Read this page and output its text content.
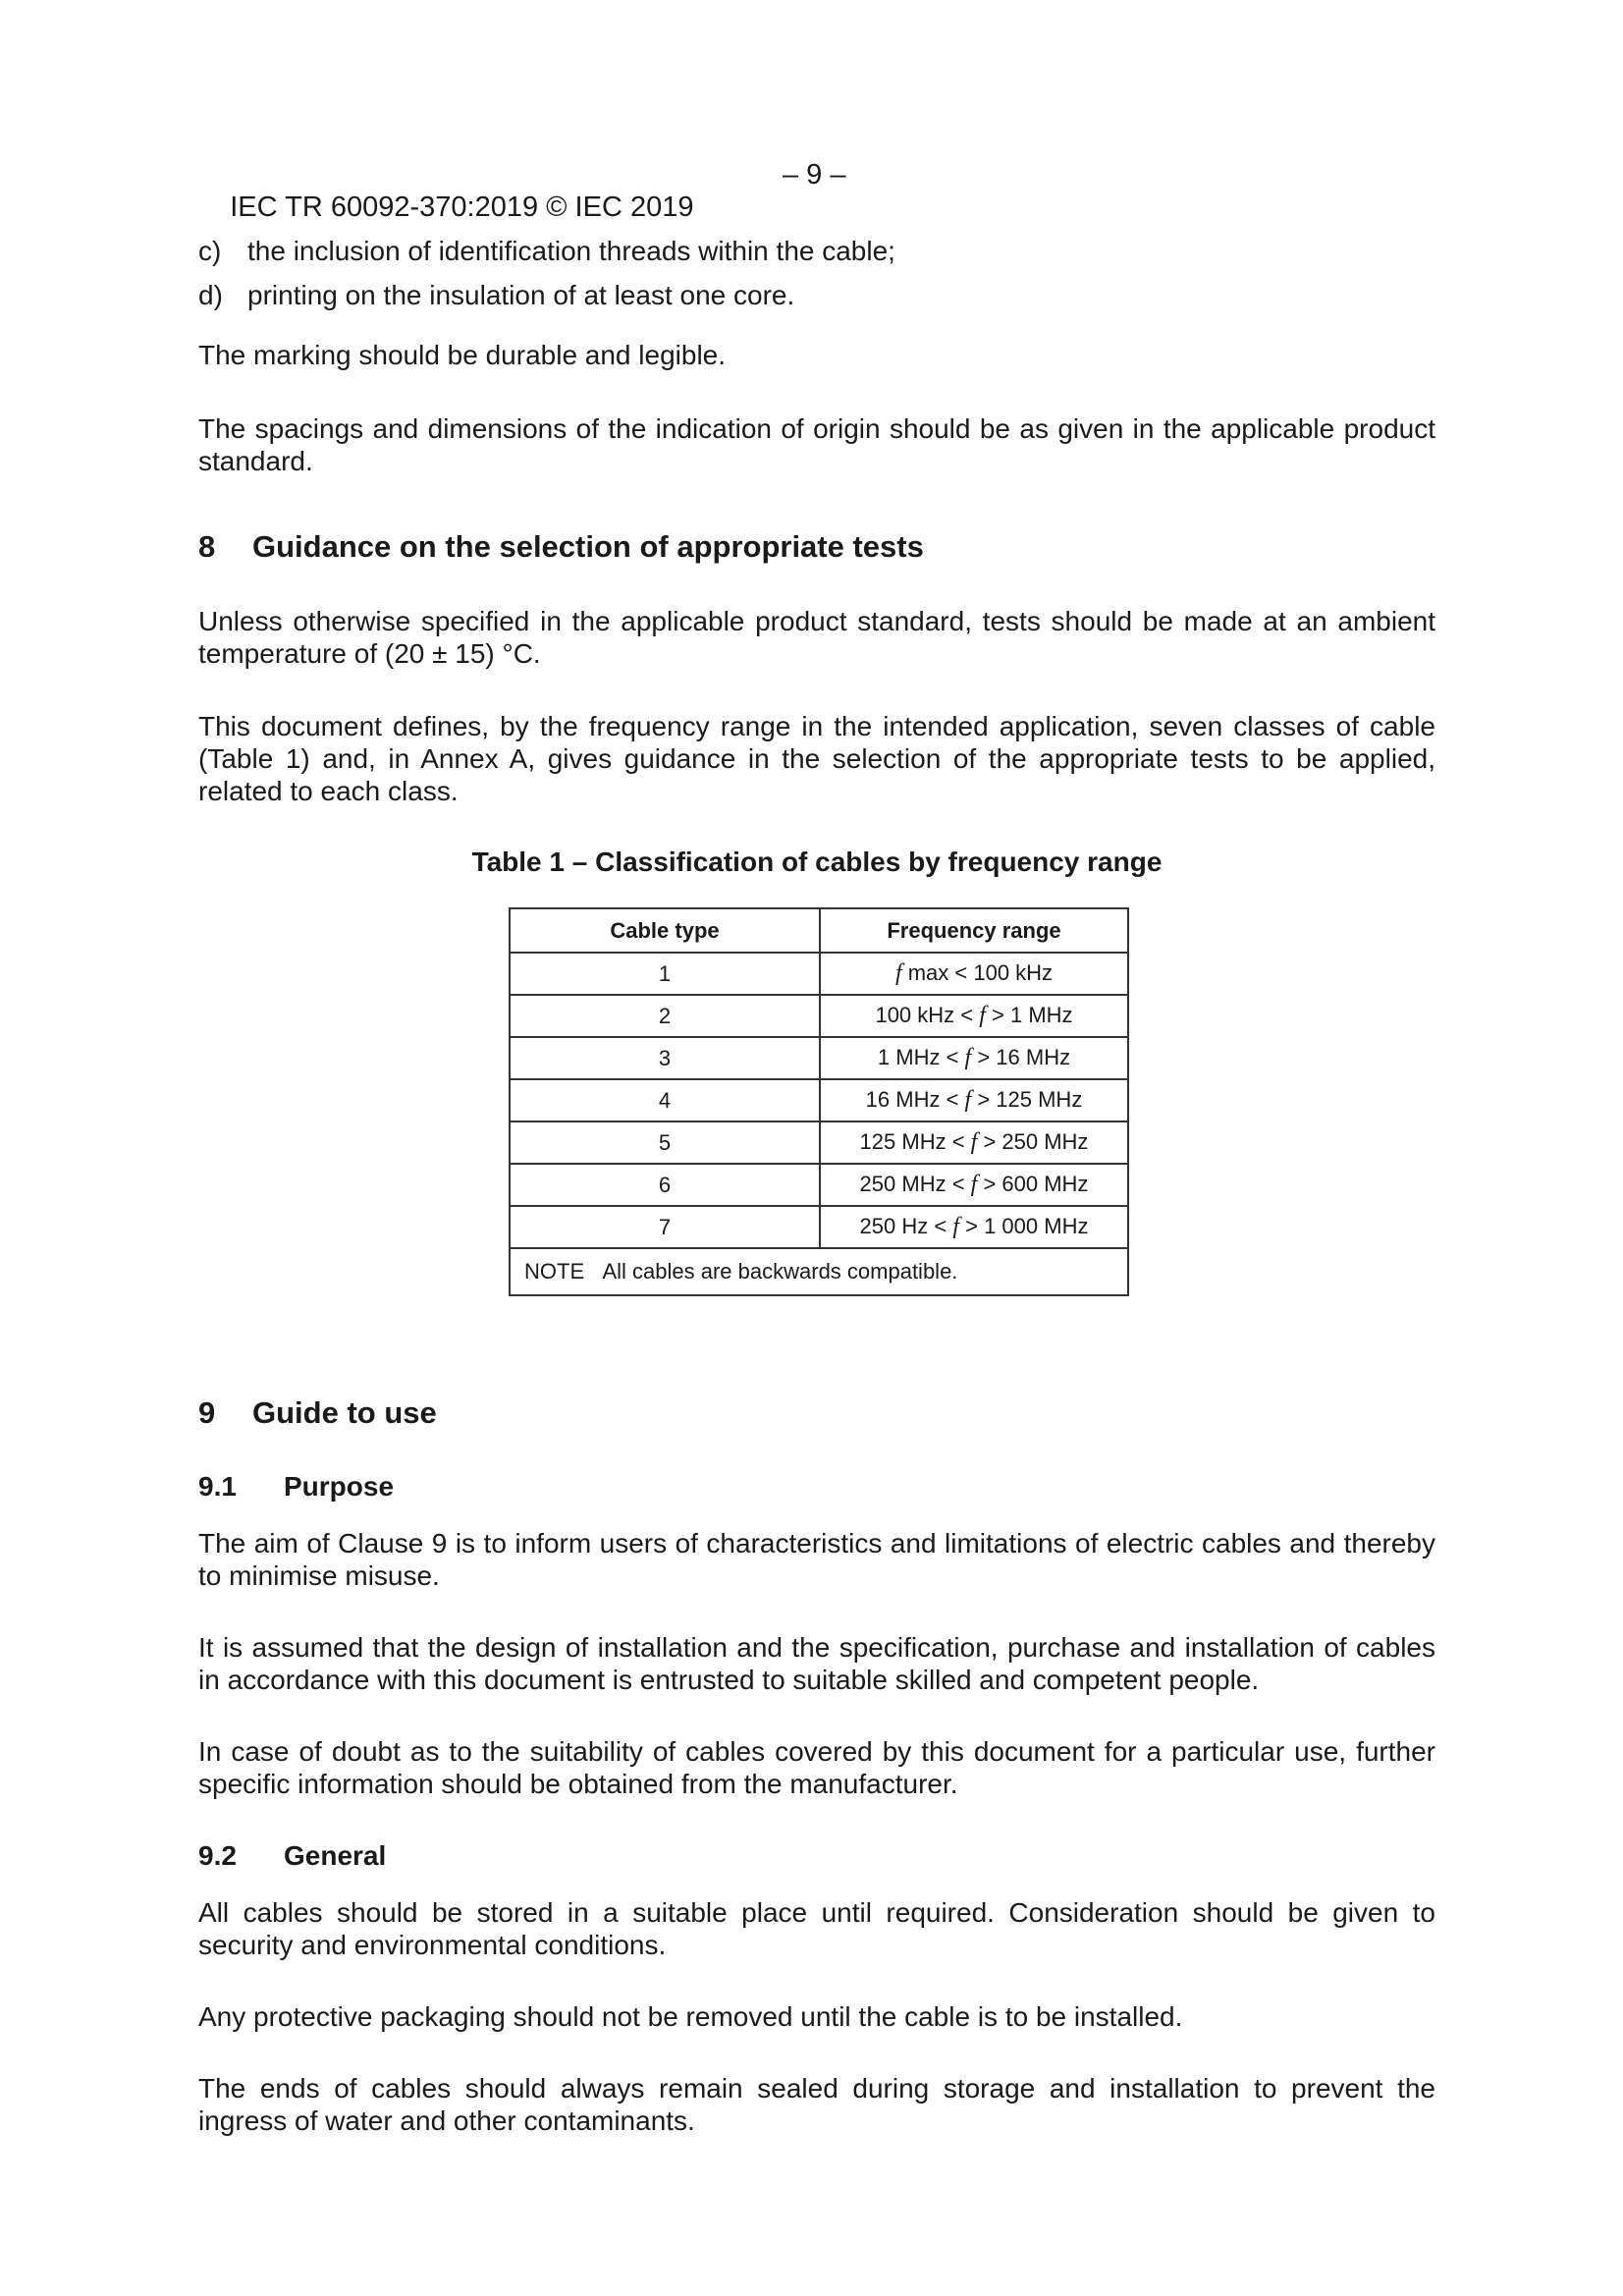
IEC TR 60092-370:2019 © IEC 2019

– 9 –

c) the inclusion of identification threads within the cable;
d) printing on the insulation of at least one core.
The marking should be durable and legible.
The spacings and dimensions of the indication of origin should be as given in the applicable product standard.
8 Guidance on the selection of appropriate tests
Unless otherwise specified in the applicable product standard, tests should be made at an ambient temperature of (20 ± 15) °C.
This document defines, by the frequency range in the intended application, seven classes of cable (Table 1) and, in Annex A, gives guidance in the selection of the appropriate tests to be applied, related to each class.
Table 1 – Classification of cables by frequency range
Cable type	Frequency range
1	f max < 100 kHz
2	100 kHz < f > 1 MHz
3	1 MHz < f > 16 MHz
4	16 MHz < f > 125 MHz
5	125 MHz < f > 250 MHz
6	250 MHz < f > 600 MHz
7	250 Hz < f > 1 000 MHz
NOTE All cables are backwards compatible.	
9 Guide to use
9.1 Purpose
The aim of Clause 9 is to inform users of characteristics and limitations of electric cables and thereby to minimise misuse.
It is assumed that the design of installation and the specification, purchase and installation of cables in accordance with this document is entrusted to suitable skilled and competent people.
In case of doubt as to the suitability of cables covered by this document for a particular use, further specific information should be obtained from the manufacturer.
9.2 General
All cables should be stored in a suitable place until required. Consideration should be given to security and environmental conditions.
Any protective packaging should not be removed until the cable is to be installed.
The ends of cables should always remain sealed during storage and installation to prevent the ingress of water and other contaminants.
